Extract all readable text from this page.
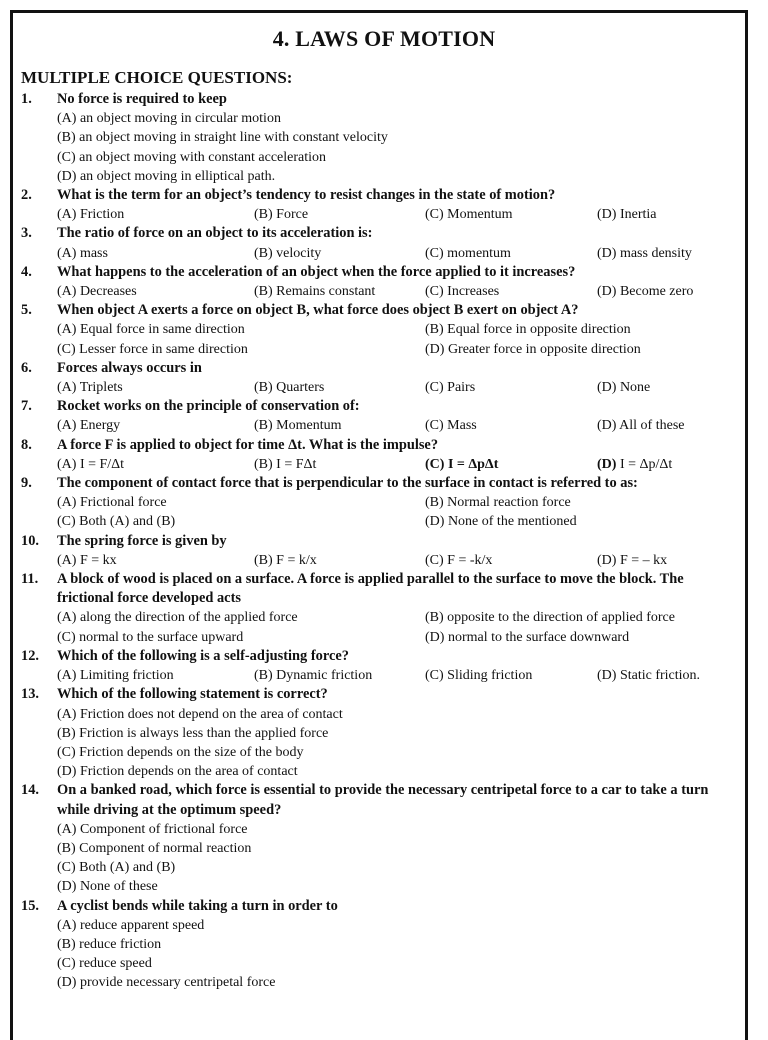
4. LAWS OF MOTION
MULTIPLE CHOICE QUESTIONS:
1.	No force is required to keep
(A) an object moving in circular motion
(B) an object moving in straight line with constant velocity
(C) an object moving with constant acceleration
(D) an object moving in elliptical path.
2.	What is the term for an object’s tendency to resist changes in the state of motion?
(A) Friction	(B) Force	(C) Momentum	(D) Inertia
3.	The ratio of force on an object to its acceleration is:
(A) mass	(B) velocity	(C) momentum	(D) mass density
4.	What happens to the acceleration of an object when the force applied to it increases?
(A) Decreases	(B) Remains constant	(C) Increases	(D) Become zero
5.	When object A exerts a force on object B, what force does object B exert on object A?
(A) Equal force in same direction	(B) Equal force in opposite direction
(C) Lesser force in same direction	(D) Greater force in opposite direction
6.	Forces always occurs in
(A) Triplets	(B) Quarters	(C) Pairs	(D) None
7.	Rocket works on the principle of conservation of:
(A) Energy	(B) Momentum	(C) Mass	(D) All of these
8.	A force F is applied to object for time Δt. What is the impulse?
(A) I = F/Δt	(B) I = FΔt	(C) I = ΔpΔt	(D) I = Δp/Δt
9.	The component of contact force that is perpendicular to the surface in contact is referred to as:
(A) Frictional force	(B) Normal reaction force
(C) Both (A) and (B)	(D) None of the mentioned
10.	The spring force is given by
(A) F = kx	(B) F = k/x	(C) F = -k/x	(D) F = – kx
11.	A block of wood is placed on a surface. A force is applied parallel to the surface to move the block. The frictional force developed acts
(A) along the direction of the applied force	(B) opposite to the direction of applied force
(C) normal to the surface upward	(D) normal to the surface downward
12.	Which of the following is a self-adjusting force?
(A) Limiting friction	(B) Dynamic friction	(C) Sliding friction	(D) Static friction.
13.	Which of the following statement is correct?
(A) Friction does not depend on the area of contact
(B) Friction is always less than the applied force
(C) Friction depends on the size of the body
(D) Friction depends on the area of contact
14.	On a banked road, which force is essential to provide the necessary centripetal force to a car to take a turn while driving at the optimum speed?
(A) Component of frictional force
(B) Component of normal reaction
(C) Both (A) and (B)
(D) None of these
15.	A cyclist bends while taking a turn in order to
(A) reduce apparent speed
(B) reduce friction
(C) reduce speed
(D) provide necessary centripetal force
